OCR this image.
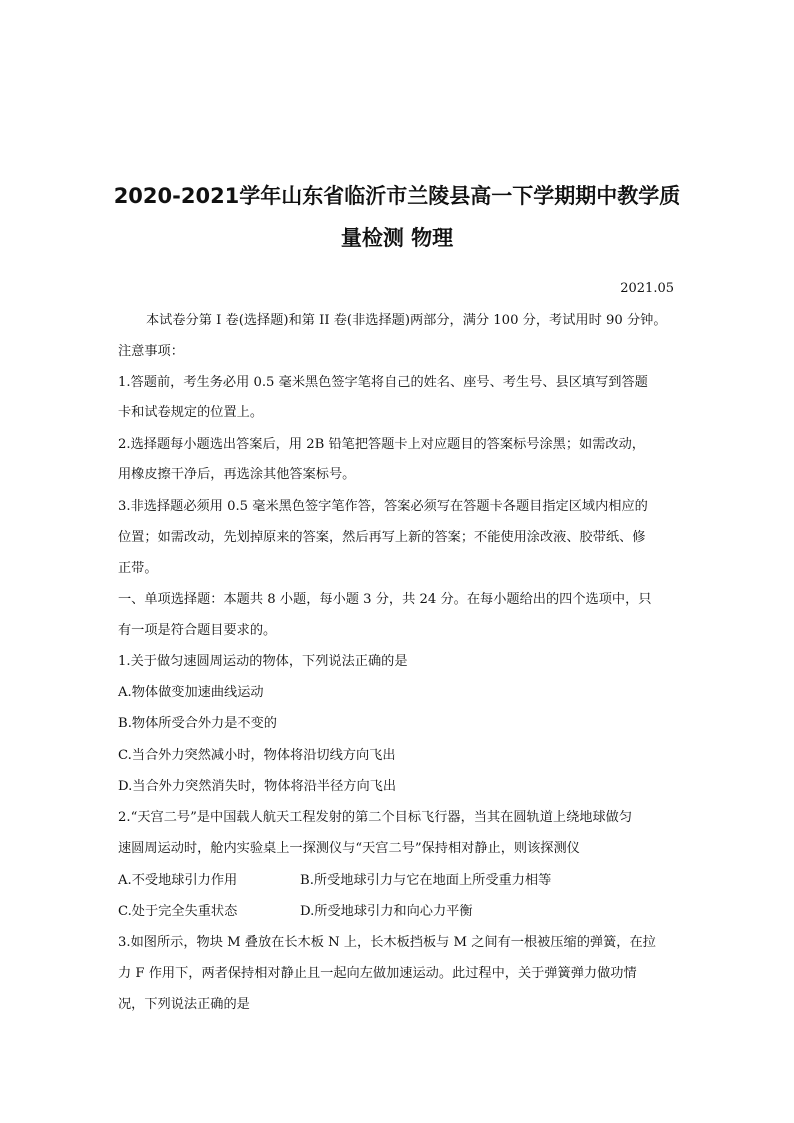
2020-2021学年山东省临沂市兰陵县高一下学期期中教学质
量检测 物理
2021.05
本试卷分第 I 卷(选择题)和第 II 卷(非选择题)两部分，满分 100 分，考试用时 90 分钟。
注意事项：
1.答题前，考生务必用 0.5 毫米黑色签字笔将自己的姓名、座号、考生号、县区填写到答题
卡和试卷规定的位置上。
2.选择题每小题选出答案后，用 2B 铅笔把答题卡上对应题目的答案标号涂黑；如需改动，
用橡皮擦干净后，再选涂其他答案标号。
3.非选择题必须用 0.5 毫米黑色签字笔作答，答案必须写在答题卡各题目指定区域内相应的
位置；如需改动，先划掉原来的答案，然后再写上新的答案；不能使用涂改液、胶带纸、修
正带。
一、单项选择题：本题共 8 小题，每小题 3 分，共 24 分。在每小题给出的四个选项中，只
有一项是符合题目要求的。
1.关于做匀速圆周运动的物体，下列说法正确的是
A.物体做变加速曲线运动
B.物体所受合外力是不变的
C.当合外力突然减小时，物体将沿切线方向飞出
D.当合外力突然消失时，物体将沿半径方向飞出
2.“天宫二号”是中国载人航天工程发射的第二个目标飞行器，当其在圆轨道上绕地球做匀
速圆周运动时，舱内实验桌上一探测仪与“天宫二号”保持相对静止，则该探测仪
A.不受地球引力作用	B.所受地球引力与它在地面上所受重力相等
C.处于完全失重状态	D.所受地球引力和向心力平衡
3.如图所示，物块 M 叠放在长木板 N 上，长木板挡板与 M 之间有一根被压缩的弹簧，在拉
力 F 作用下，两者保持相对静止且一起向左做加速运动。此过程中，关于弹簧弹力做功情
况，下列说法正确的是
